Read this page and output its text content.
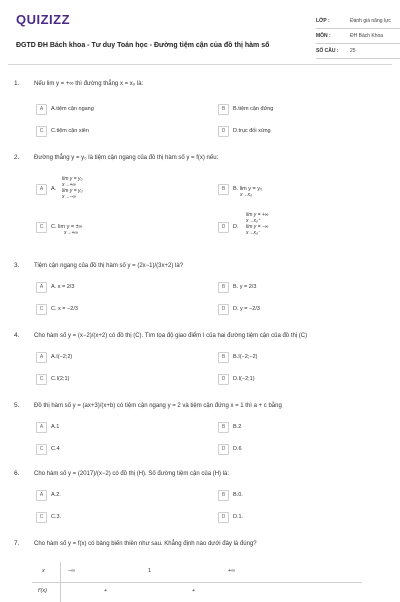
QUIZIZZ
ĐGTD ĐH Bách khoa - Tư duy Toán học - Đường tiệm cận của đồ thị hàm số
LỚP :	Đánh giá năng lực
MÔN :	ĐH Bách Khoa
SỐ CÂU : 25
1. Nếu lim y = +∞ thì đường thẳng x = x₀ là:
A	A.tiệm cận ngang	B	B.tiệm cận đứng
C	C.tiệm cận xiên	D	D.trục đối xứng
2. Đường thẳng y = y₀ là tiệm cận ngang của đồ thị hàm số y = f(x) nếu:
A	A.
lim y = y₀
x→+∞
lim y = y₀
x→−∞
B	B. lim y = y₀
x→x₀
C	C. lim y = ±∞
x→+∞
D	D.
lim y = +∞
x→x₀⁺
lim y = −∞
x→x₀⁻
3. Tiệm cận ngang của đồ thị hàm số y = (2x−1)/(3x+2) là?
A	A. x = 2/3	B	B. y = 2/3
C	C. x = −2/3	D	D. y = −2/3
4. Cho hàm số y = (x−2)/(x+2) có đồ thị (C). Tìm tọa độ giao điểm I của hai đường tiệm cận của đồ thị (C)
A	A.I(−2;2)	B	B.I(−2;−2)
C	C.I(2;1)	D	D.I(−2;1)
5. Đồ thị hàm số y = (ax+3)/(x+b) có tiệm cận ngang y = 2 và tiệm cận đứng x = 1 thì a + c bằng
A	A.1	B	B.2
C	C.4	D	D.6
6. Cho hàm số y = (2017)/(x−2) có đồ thị (H). Số đường tiệm cận của (H) là:
A	A.2.	B	B.0.
C	C.3.	D	D.1.
7. Cho hàm số y = f(x) có bảng biến thiên như sau. Khẳng định nào dưới đây là đúng?
x	−∞	1	+∞
f′(x)	+	+
